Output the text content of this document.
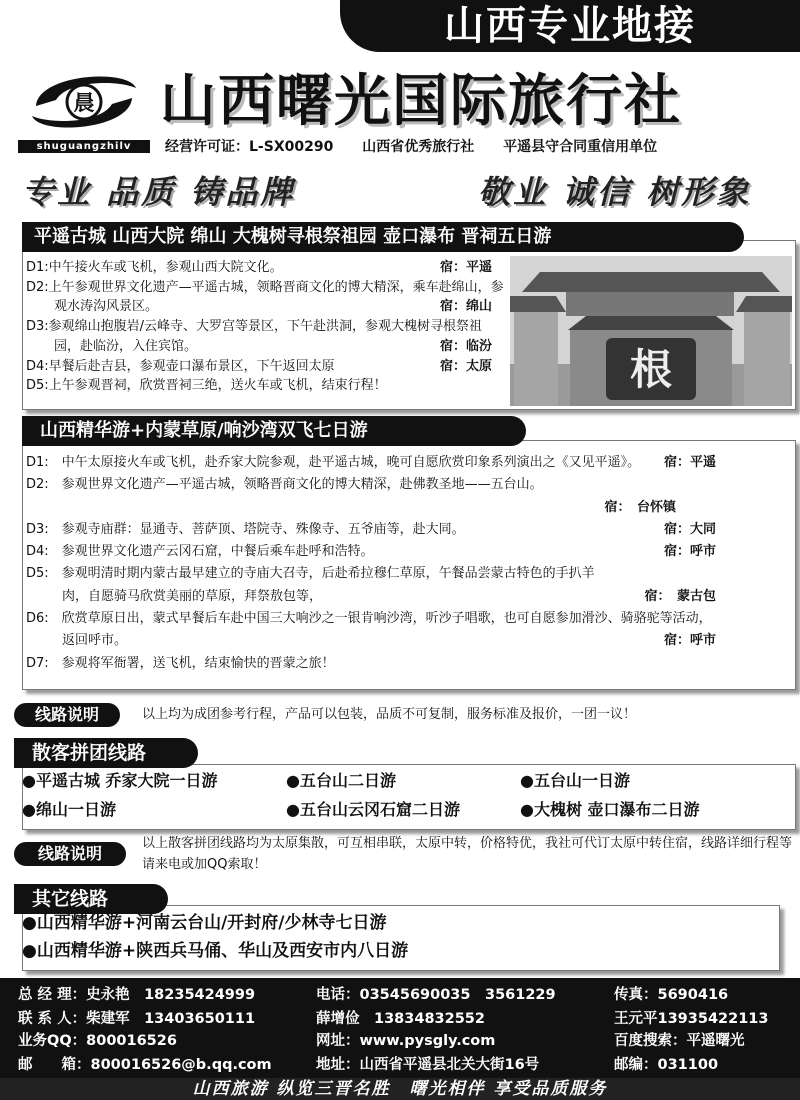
山西专业地接
晨
shuguangzhilv
山西曙光国际旅行社
经营许可证：L-SX00290 山西省优秀旅行社 平遥县守合同重信用单位
专业 品质 铸品牌	敬业 诚信 树形象
平遥古城 山西大院 绵山 大槐树寻根祭祖园 壶口瀑布 晋祠五日游
根
D1:中午接火车或飞机，参观山西大院文化。	宿：平遥
D2:上午参观世界文化遗产—平遥古城，领略晋商文化的博大精深，乘车赴绵山，参观水涛沟风景区。	宿：绵山
D3:参观绵山抱腹岩/云峰寺、大罗宫等景区，下午赴洪洞，参观大槐树寻根祭祖园，赴临汾，入住宾馆。	宿：临汾
D4:早餐后赴吉县，参观壶口瀑布景区，下午返回太原	宿：太原
D5:上午参观晋祠，欣赏晋祠三绝，送火车或飞机，结束行程！
山西精华游+内蒙草原/响沙湾双飞七日游
D1:　中午太原接火车或飞机，赴乔家大院参观，赴平遥古城，晚可自愿欣赏印象系列演出之《又见平遥》。	宿：平遥
D2:　参观世界文化遗产—平遥古城，领略晋商文化的博大精深，赴佛教圣地——五台山。
宿：　台怀镇
D3:　参观寺庙群：显通寺、菩萨顶、塔院寺、殊像寺、五爷庙等，赴大同。	宿：大同
D4:　参观世界文化遗产云冈石窟，中餐后乘车赴呼和浩特。	宿：呼市
D5:　参观明清时期内蒙古最早建立的寺庙大召寺，后赴希拉穆仁草原，午餐品尝蒙古特色的手扒羊肉，自愿骑马欣赏美丽的草原，拜祭敖包等，	宿：　蒙古包
D6:　欣赏草原日出，蒙式早餐后车赴中国三大响沙之一银肯响沙湾，听沙子唱歌，也可自愿参加滑沙、骑骆驼等活动，返回呼市。	宿：呼市
D7:　参观将军衙署，送飞机，结束愉快的晋蒙之旅！
线路说明	以上均为成团参考行程，产品可以包装，品质不可复制，服务标准及报价，一团一议！
散客拼团线路
●平遥古城 乔家大院一日游	●五台山二日游	●五台山一日游
●绵山一日游	●五台山云冈石窟二日游	●大槐树 壶口瀑布二日游
线路说明
以上散客拼团线路均为太原集散，可互相串联，太原中转，价格特优，我社可代订太原中转住宿，线路详细行程等请来电或加QQ索取！
其它线路
●山西精华游+河南云台山/开封府/少林寺七日游
●山西精华游+陕西兵马俑、华山及西安市内八日游
总 经 理：史永艳　18235424999	电话：03545690035　3561229	传真：5690416
联 系 人：柴建军　13403650111	薛增俭　13834832552	王元平13935422113
业务QQ：800016526	网址：www.pysgly.com	百度搜索：平遥曙光
邮　　箱：800016526@b.qq.com	地址：山西省平遥县北关大街16号	邮编：031100
山西旅游 纵览三晋名胜　曙光相伴 享受品质服务
